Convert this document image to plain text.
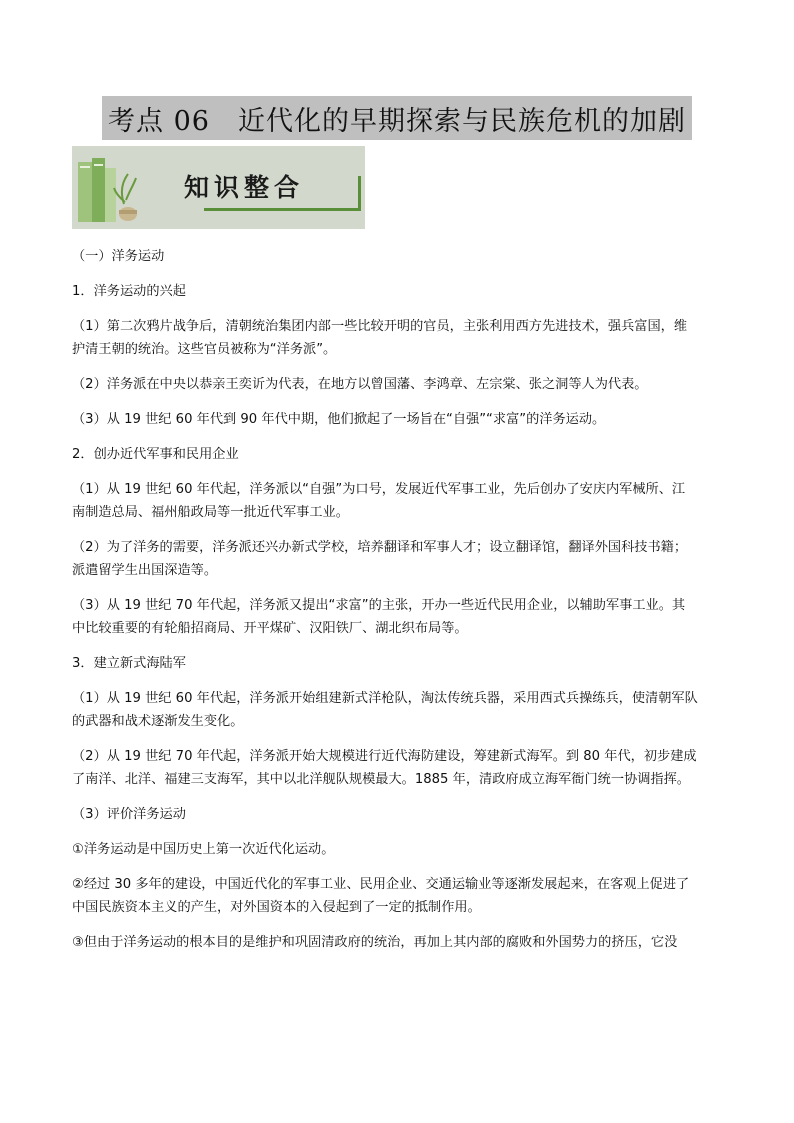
考点 06　近代化的早期探索与民族危机的加剧
知识整合

（一）洋务运动

1．洋务运动的兴起

（1）第二次鸦片战争后，清朝统治集团内部一些比较开明的官员，主张利用西方先进技术，强兵富国，维

护清王朝的统治。这些官员被称为“洋务派”。

（2）洋务派在中央以恭亲王奕䜣为代表，在地方以曾国藩、李鸿章、左宗棠、张之洞等人为代表。

（3）从 19 世纪 60 年代到 90 年代中期，他们掀起了一场旨在“自强”“求富”的洋务运动。

2．创办近代军事和民用企业

（1）从 19 世纪 60 年代起，洋务派以“自强”为口号，发展近代军事工业，先后创办了安庆内军械所、江

南制造总局、福州船政局等一批近代军事工业。

（2）为了洋务的需要，洋务派还兴办新式学校，培养翻译和军事人才；设立翻译馆，翻译外国科技书籍；

派遣留学生出国深造等。

（3）从 19 世纪 70 年代起，洋务派又提出“求富”的主张，开办一些近代民用企业，以辅助军事工业。其

中比较重要的有轮船招商局、开平煤矿、汉阳铁厂、湖北织布局等。

3．建立新式海陆军

（1）从 19 世纪 60 年代起，洋务派开始组建新式洋枪队，淘汰传统兵器，采用西式兵操练兵，使清朝军队

的武器和战术逐渐发生变化。

（2）从 19 世纪 70 年代起，洋务派开始大规模进行近代海防建设，筹建新式海军。到 80 年代，初步建成

了南洋、北洋、福建三支海军，其中以北洋舰队规模最大。1885 年，清政府成立海军衙门统一协调指挥。

（3）评价洋务运动

①洋务运动是中国历史上第一次近代化运动。

②经过 30 多年的建设，中国近代化的军事工业、民用企业、交通运输业等逐渐发展起来，在客观上促进了

中国民族资本主义的产生，对外国资本的入侵起到了一定的抵制作用。

③但由于洋务运动的根本目的是维护和巩固清政府的统治，再加上其内部的腐败和外国势力的挤压，它没
